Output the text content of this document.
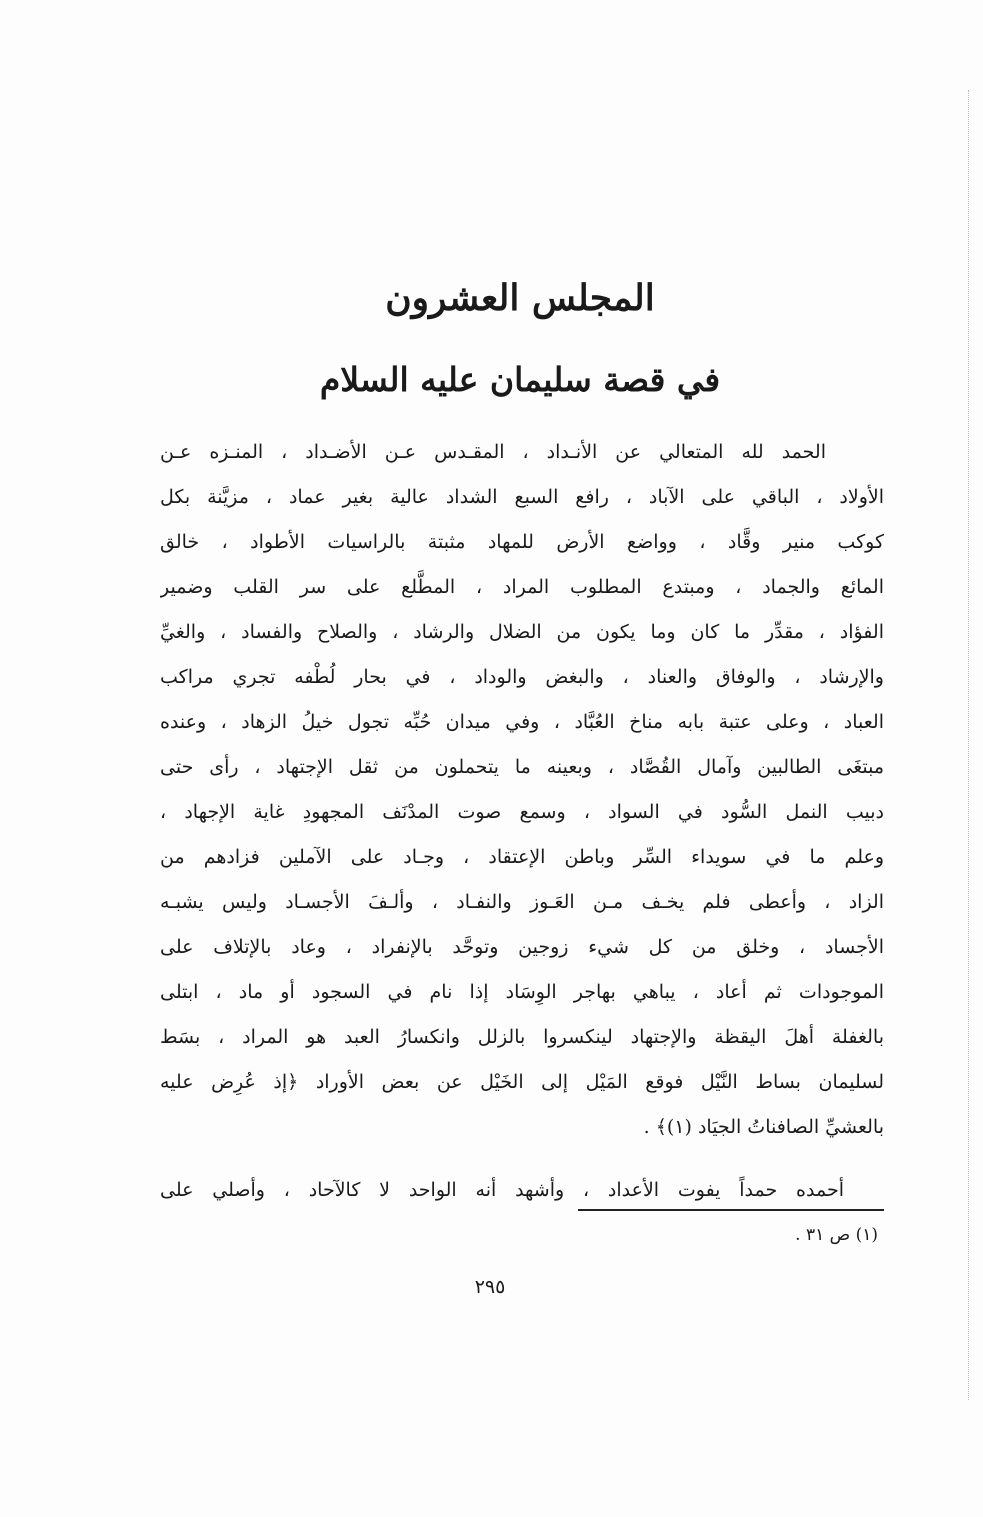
المجلس العشرون
في قصة سليمان عليه السلام
الحمد لله المتعالي عن الأنـداد ، المقـدس عـن الأضـداد ، المنـزه عـن
الأولاد ، الباقي على الآباد ، رافع السبع الشداد عالية بغير عماد ، مزيَّنة بكل
كوكب منير وقَّاد ، وواضع الأرض للمهاد مثبتة بالراسيات الأطواد ، خالق
المائع والجماد ، ومبتدع المطلوب المراد ، المطَّلع على سر القلب وضمير
الفؤاد ، مقدِّر ما كان وما يكون من الضلال والرشاد ، والصلاح والفساد ، والغيِّ
والإرشاد ، والوفاق والعناد ، والبغض والوداد ، في بحار لُطْفه تجري مراكب
العباد ، وعلى عتبة بابه مناخ العُبَّاد ، وفي ميدان حُبِّه تجول خيلُ الزهاد ، وعنده
مبتغَى الطالبين وآمال القُصَّاد ، وبعينه ما يتحملون من ثقل الإجتهاد ، رأى حتى
دبيب النمل السُّود في السواد ، وسمع صوت المدْنَف المجهودِ غاية الإجهاد ،
وعلم ما في سويداء السِّر وباطن الإعتقاد ، وجـاد على الآملين فزادهم من
الزاد ، وأعطى فلم يخـف مـن العَـوز والنفـاد ، وألـفَ الأجسـاد وليس يشبـه
الأجساد ، وخلق من كل شيء زوجين وتوحَّد بالإنفراد ، وعاد بالإتلاف على
الموجودات ثم أعاد ، يباهي بهاجر الوِسَاد إذا نام في السجود أو ماد ، ابتلى
بالغفلة أهلَ اليقظة والإجتهاد لينكسروا بالزلل وانكسارُ العبد هو المراد ، بسَط
لسليمان بساط النَّيْل فوقع المَيْل إلى الخَيْل عن بعض الأوراد ﴿إذ عُرِض عليه
بالعشيِّ الصافناتُ الجيَاد (١)﴾ .
أحمده حمداً يفوت الأعداد ، وأشهد أنه الواحد لا كالآحاد ، وأصلي على
(١) ص ٣١ .
٢٩٥
